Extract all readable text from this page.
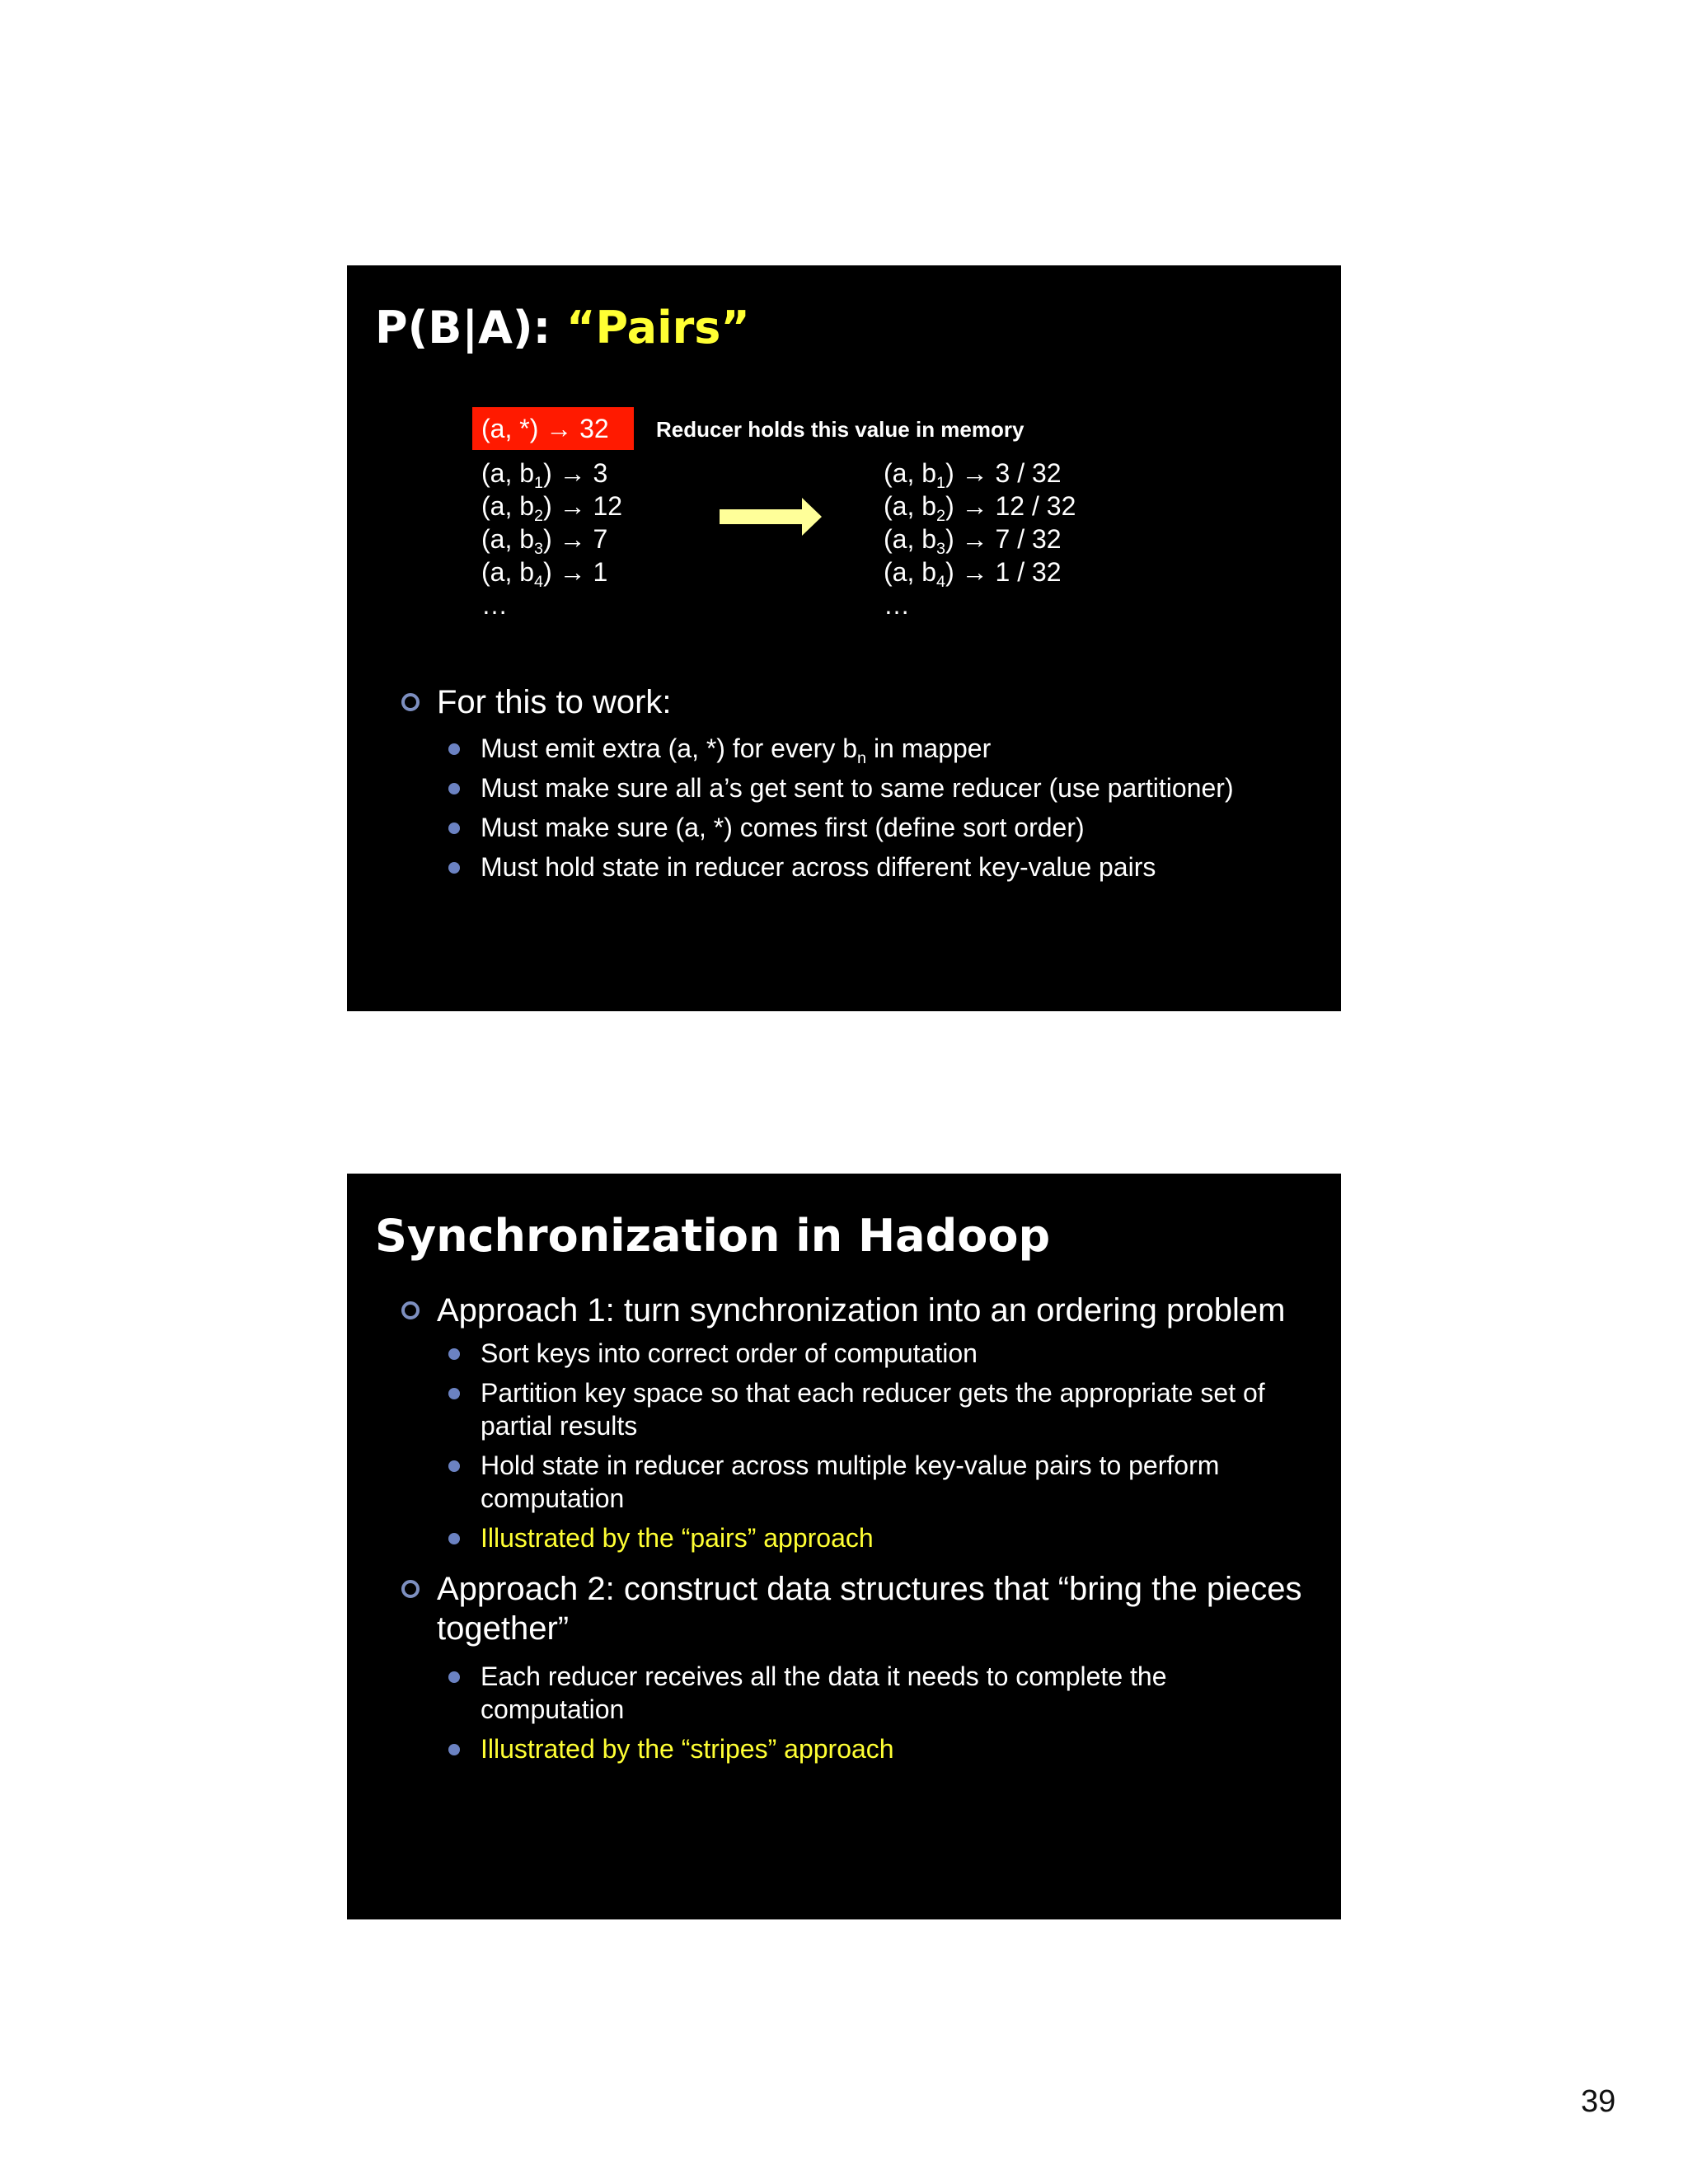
P(B|A): “Pairs”
(a, *) → 32	Reducer holds this value in memory
(a, $b_1) \to 3$
(a, $b_2) \to 12$
(a, $b_3) \to 7$
(a, $b_4) \to 1$
…
(a, $b_1) \to 3 / 32$
(a, $b_2) \to 12 / 32$
(a, $b_3) \to 7 / 32$
(a, $b_4) \to 1 / 32$
…
For this to work:
Must emit extra (a, *) for every $b_n$ in mapper
Must make sure all a’s get sent to same reducer (use partitioner)
Must make sure (a, *) comes first (define sort order)
Must hold state in reducer across different key-value pairs
Synchronization in Hadoop
Approach 1: turn synchronization into an ordering problem
Sort keys into correct order of computation
Partition key space so that each reducer gets the appropriate set of partial results
Hold state in reducer across multiple key-value pairs to perform computation
Illustrated by the “pairs” approach
Approach 2: construct data structures that “bring the pieces together”
Each reducer receives all the data it needs to complete the computation
Illustrated by the “stripes” approach
39
